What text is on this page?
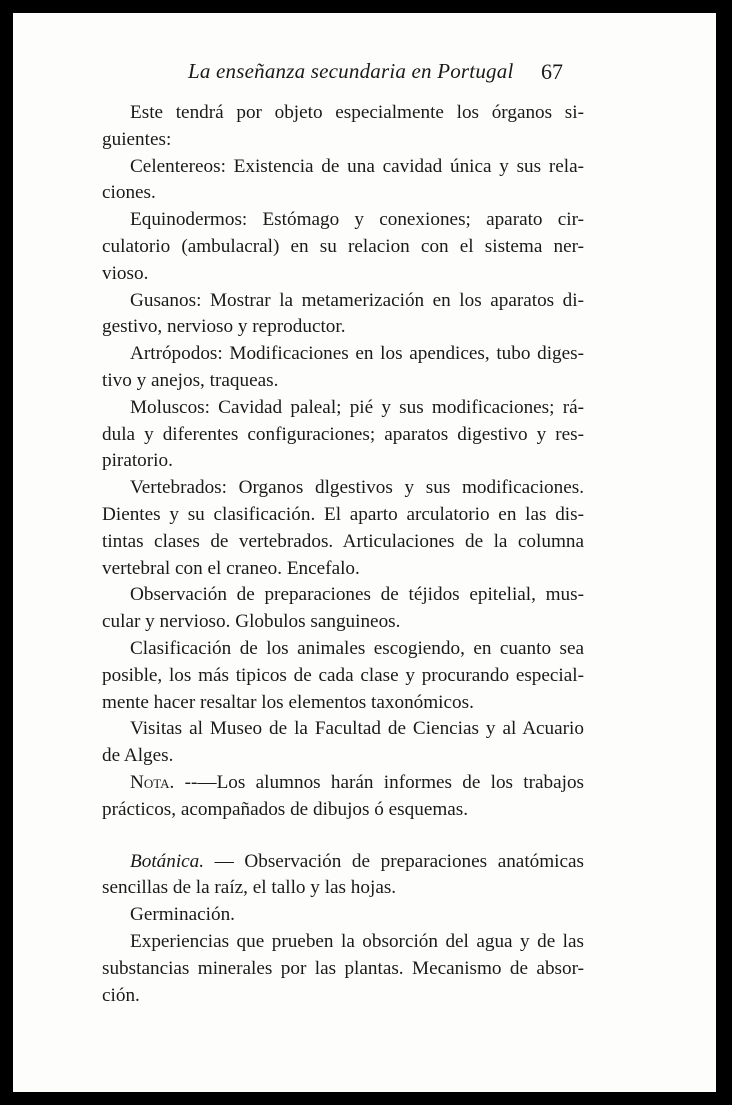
La enseñanza secundaria en Portugal 67
Este tendrá por objeto especialmente los órganos si-
guientes:
Celentereos: Existencia de una cavidad única y sus rela-
ciones.
Equinodermos: Estómago y conexiones; aparato cir-
culatorio (ambulacral) en su relacion con el sistema ner-
vioso.
Gusanos: Mostrar la metamerización en los aparatos di-
gestivo, nervioso y reproductor.
Artrópodos: Modificaciones en los apendices, tubo diges-
tivo y anejos, traqueas.
Moluscos: Cavidad paleal; pié y sus modificaciones; rá-
dula y diferentes configuraciones; aparatos digestivo y res-
piratorio.
Vertebrados: Organos dlgestivos y sus modificaciones.
Dientes y su clasificación. El aparto arculatorio en las dis-
tintas clases de vertebrados. Articulaciones de la columna
vertebral con el craneo. Encefalo.
Observación de preparaciones de téjidos epitelial, mus-
cular y nervioso. Globulos sanguineos.
Clasificación de los animales escogiendo, en cuanto sea
posible, los más tipicos de cada clase y procurando especial-
mente hacer resaltar los elementos taxonómicos.
Visitas al Museo de la Facultad de Ciencias y al Acuario
de Alges.
Nota. --—Los alumnos harán informes de los trabajos
prácticos, acompañados de dibujos ó esquemas.
Botánica. — Observación de preparaciones anatómicas
sencillas de la raíz, el tallo y las hojas.
Germinación.
Experiencias que prueben la obsorción del agua y de las
substancias minerales por las plantas. Mecanismo de absor-
ción.
